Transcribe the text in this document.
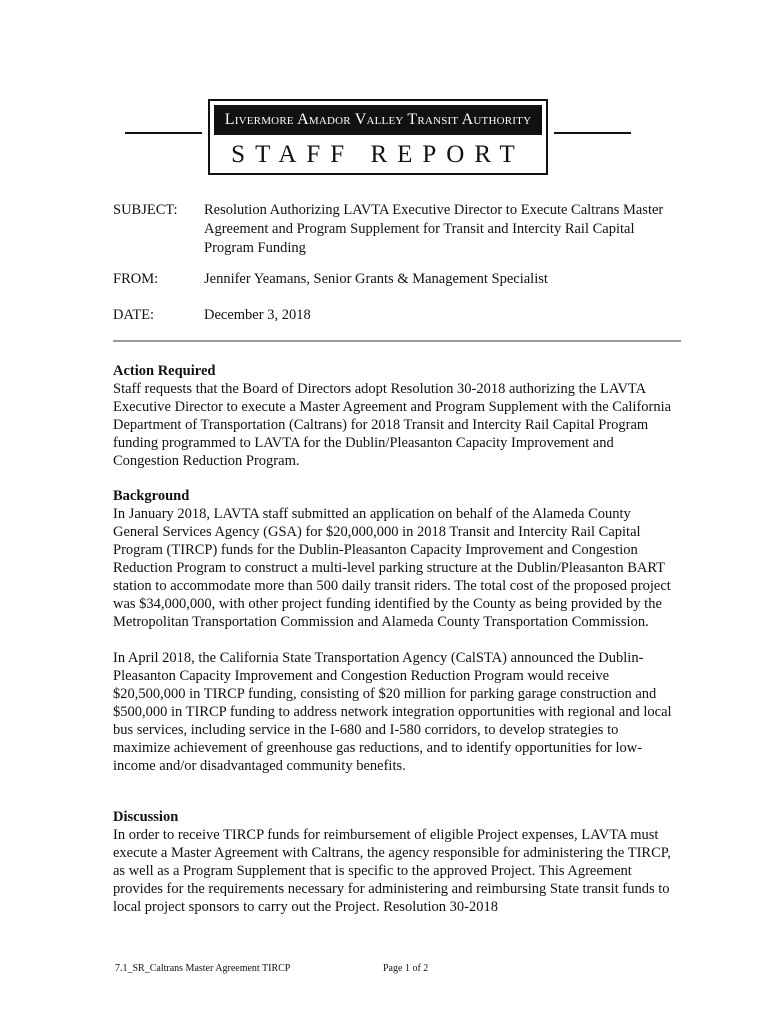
Livermore Amador Valley Transit Authority
STAFF REPORT
SUBJECT: Resolution Authorizing LAVTA Executive Director to Execute Caltrans Master Agreement and Program Supplement for Transit and Intercity Rail Capital Program Funding
FROM:	Jennifer Yeamans, Senior Grants & Management Specialist
DATE:	December 3, 2018
Action Required

Staff requests that the Board of Directors adopt Resolution 30-2018 authorizing the LAVTA Executive Director to execute a Master Agreement and Program Supplement with the California Department of Transportation (Caltrans) for 2018 Transit and Intercity Rail Capital Program funding programmed to LAVTA for the Dublin/Pleasanton Capacity Improvement and Congestion Reduction Program.

Background

In January 2018, LAVTA staff submitted an application on behalf of the Alameda County General Services Agency (GSA) for $20,000,000 in 2018 Transit and Intercity Rail Capital Program (TIRCP) funds for the Dublin-Pleasanton Capacity Improvement and Congestion Reduction Program to construct a multi-level parking structure at the Dublin/Pleasanton BART station to accommodate more than 500 daily transit riders. The total cost of the proposed project was $34,000,000, with other project funding identified by the County as being provided by the Metropolitan Transportation Commission and Alameda County Transportation Commission.

In April 2018, the California State Transportation Agency (CalSTA) announced the Dublin-Pleasanton Capacity Improvement and Congestion Reduction Program would receive $20,500,000 in TIRCP funding, consisting of $20 million for parking garage construction and $500,000 in TIRCP funding to address network integration opportunities with regional and local bus services, including service in the I-680 and I-580 corridors, to develop strategies to maximize achievement of greenhouse gas reductions, and to identify opportunities for low-income and/or disadvantaged community benefits.

Discussion

In order to receive TIRCP funds for reimbursement of eligible Project expenses, LAVTA must execute a Master Agreement with Caltrans, the agency responsible for administering the TIRCP, as well as a Program Supplement that is specific to the approved Project. This Agreement provides for the requirements necessary for administering and reimbursing State transit funds to local project sponsors to carry out the Project. Resolution 30-2018

7.1_SR_Caltrans Master Agreement TIRCP	Page 1 of 2
